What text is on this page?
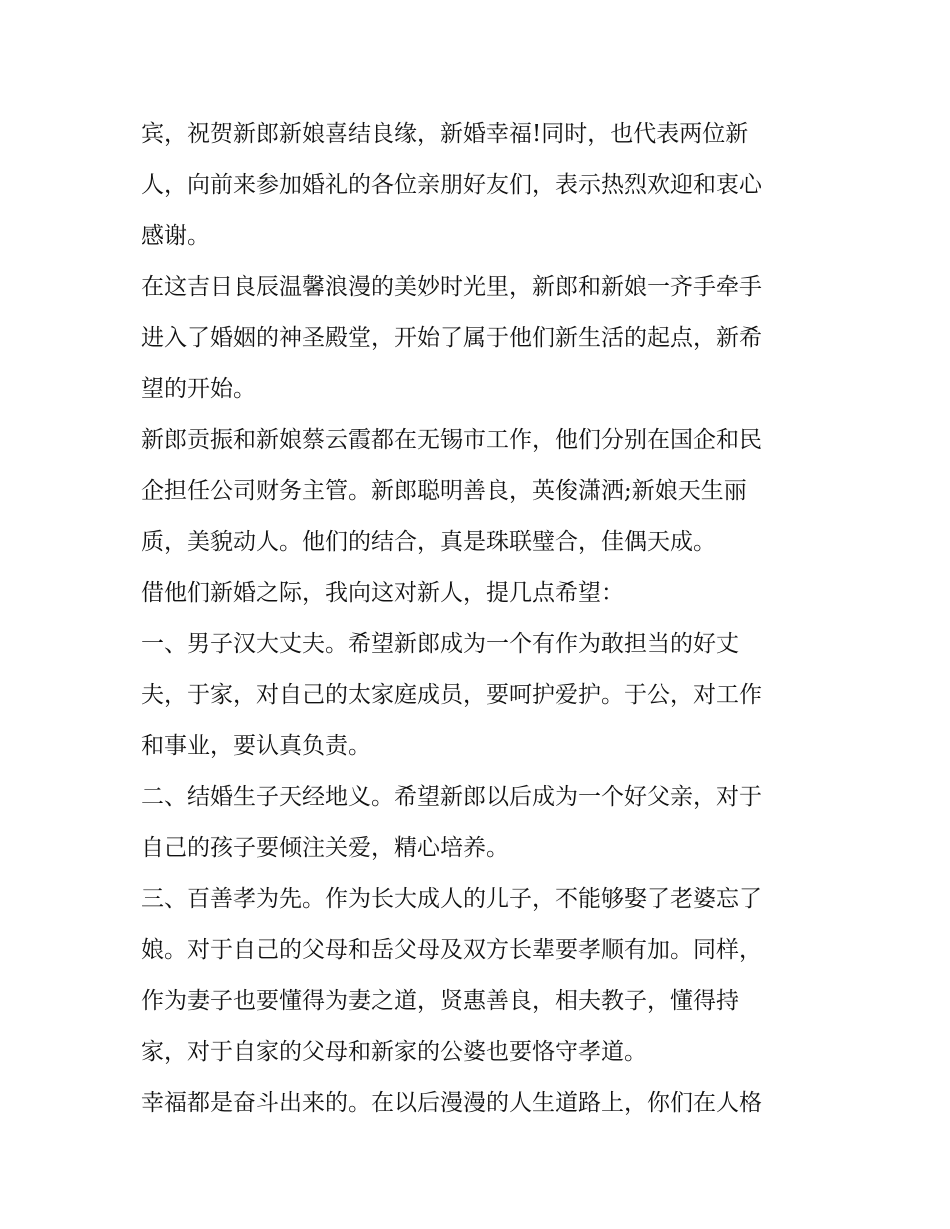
宾，祝贺新郎新娘喜结良缘，新婚幸福!同时，也代表两位新
人，向前来参加婚礼的各位亲朋好友们，表示热烈欢迎和衷心
感谢。
在这吉日良辰温馨浪漫的美妙时光里，新郎和新娘一齐手牵手
进入了婚姻的神圣殿堂，开始了属于他们新生活的起点，新希
望的开始。
新郎贡振和新娘蔡云霞都在无锡市工作，他们分别在国企和民
企担任公司财务主管。新郎聪明善良，英俊潇洒;新娘天生丽
质，美貌动人。他们的结合，真是珠联璧合，佳偶天成。
借他们新婚之际，我向这对新人，提几点希望：
一、男子汉大丈夫。希望新郎成为一个有作为敢担当的好丈
夫，于家，对自己的太家庭成员，要呵护爱护。于公，对工作
和事业，要认真负责。
二、结婚生子天经地义。希望新郎以后成为一个好父亲，对于
自己的孩子要倾注关爱，精心培养。
三、百善孝为先。作为长大成人的儿子，不能够娶了老婆忘了
娘。对于自己的父母和岳父母及双方长辈要孝顺有加。同样，
作为妻子也要懂得为妻之道，贤惠善良，相夫教子，懂得持
家，对于自家的父母和新家的公婆也要恪守孝道。
幸福都是奋斗出来的。在以后漫漫的人生道路上，你们在人格
